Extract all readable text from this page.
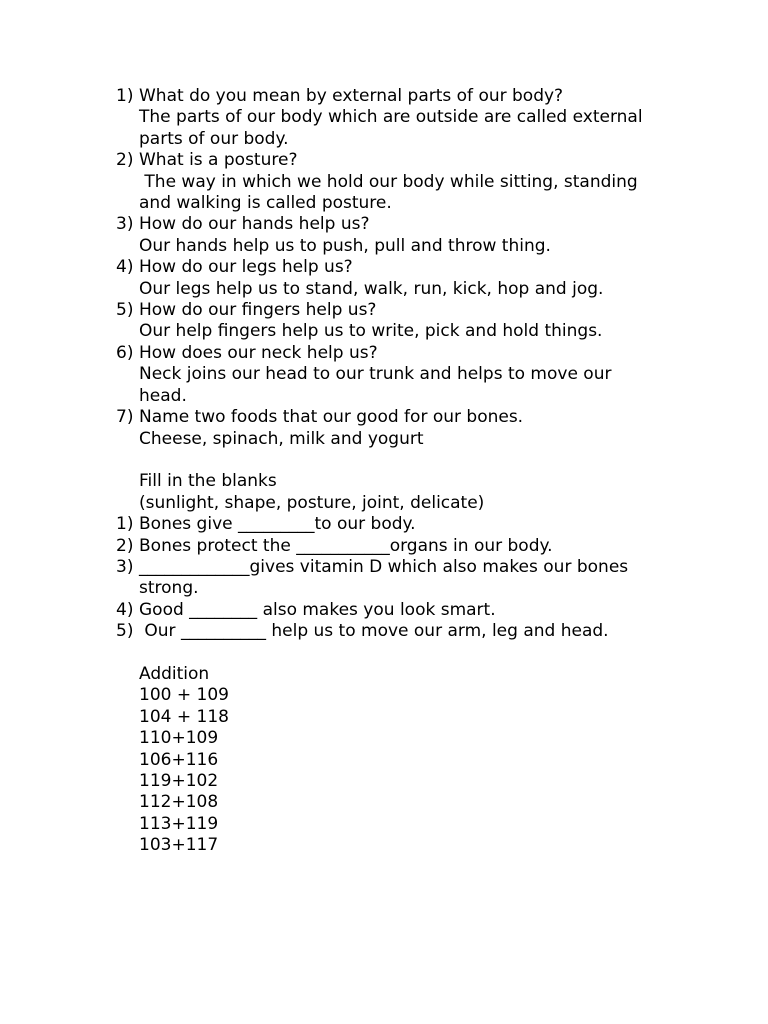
1) What do you mean by external parts of our body?
The parts of our body which are outside are called external
parts of our body.
2) What is a posture?
The way in which we hold our body while sitting, standing
and walking is called posture.
3) How do our hands help us?
Our hands help us to push, pull and throw thing.
4) How do our legs help us?
Our legs help us to stand, walk, run, kick, hop and jog.
5) How do our fingers help us?
Our help fingers help us to write, pick and hold things.
6) How does our neck help us?
Neck joins our head to our trunk and helps to move our
head.
7) Name two foods that our good for our bones.
Cheese, spinach, milk and yogurt
Fill in the blanks
(sunlight, shape, posture, joint, delicate)
1) Bones give _________to our body.
2) Bones protect the ___________organs in our body.
3) _____________gives vitamin D which also makes our bones
strong.
4) Good ________ also makes you look smart.
5) Our __________ help us to move our arm, leg and head.
Addition
100 + 109
104 + 118
110+109
106+116
119+102
112+108
113+119
103+117
